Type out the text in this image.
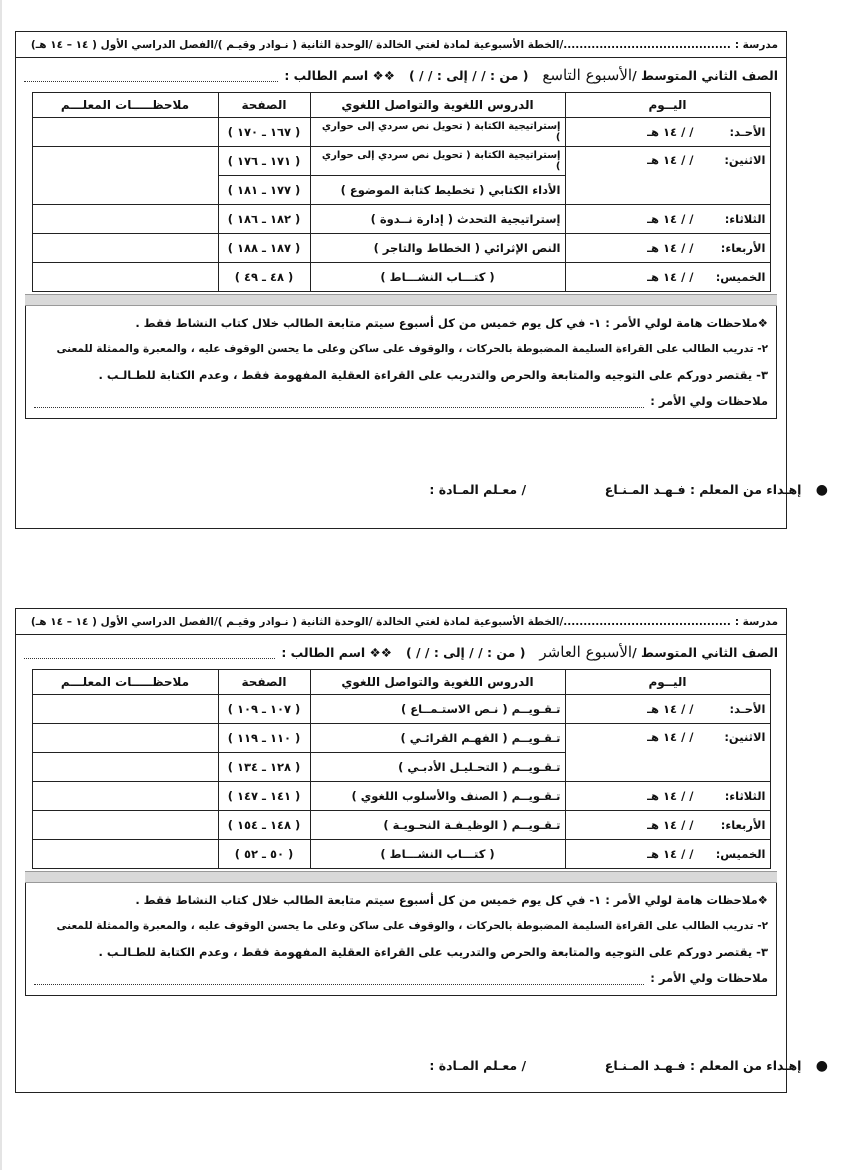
مدرسة :
..........................................
/الخطة الأسبوعية لمادة لغتي الخالدة /الوحدة الثانية ( نـوادر وقيـم )/الفصل الدراسي الأول ( ١٤ – ١٤ هـ)
الصف الثاني المتوسط /
الأسبوع التاسع
( من : / / إلى : / / )
❖❖ اسم الطالب :
اليــوم	الدروس اللغوية والتواصل اللغوي	الصفحة	ملاحظـــــات المعلـــم
الأحـد:/ / ١٤ هـ	إستراتيجية الكتابة ( تحويل نص سردي إلى حواري )	( ١٦٧ ـ ١٧٠ )	
الاثنين:/ / ١٤ هـ	إستراتيجية الكتابة ( تحويل نص سردي إلى حواري )	( ١٧١ ـ ١٧٦ )	
	الأداء الكتابي ( تخطيط كتابة الموضوع )	( ١٧٧ ـ ١٨١ )	
الثلاثاء:/ / ١٤ هـ	إستراتيجية التحدث ( إدارة نــدوة )	( ١٨٢ ـ ١٨٦ )	
الأربعاء:/ / ١٤ هـ	النص الإثرائي ( الخطاط والتاجر )	( ١٨٧ ـ ١٨٨ )	
الخميس:/ / ١٤ هـ	( كتـــاب النشـــاط )	( ٤٨ ـ ٤٩ )	
❖ملاحظات هامة لولي الأمر : ١- في كل يوم خميس من كل أسبوع سيتم متابعة الطالب خلال كتاب النشاط فقط .
٢- تدريب الطالب على القراءة السليمة المضبوطة بالحركات ، والوقوف على ساكن وعلى ما يحسن الوقوف عليه ، والمعبرة والممثلة للمعنى
٣- يقتصر دوركم على التوجيه والمتابعة والحرص والتدريب على القراءة العقلية المفهومة فقط ، وعدم الكتابة للطـالـب .
ملاحظات ولي الأمر :
● إهـداء من المعلم : فـهـد المـنـاع  / معـلم المـادة :
مدرسة :
..........................................
/الخطة الأسبوعية لمادة لغتي الخالدة /الوحدة الثانية ( نـوادر وقيـم )/الفصل الدراسي الأول ( ١٤ – ١٤ هـ)
الصف الثاني المتوسط /
الأسبوع العاشر
( من : / / إلى : / / )
❖❖ اسم الطالب :
اليــوم	الدروس اللغوية والتواصل اللغوي	الصفحة	ملاحظـــــات المعلـــم
الأحـد:/ / ١٤ هـ	تـقـويــم ( نـص الاستـمــاع )	( ١٠٧ ـ ١٠٩ )	
الاثنين:/ / ١٤ هـ	تـقـويــم ( الفهـم القرائـي )	( ١١٠ ـ ١١٩ )	
	تـقـويــم ( التحـليـل الأدبـي )	( ١٢٨ ـ ١٣٤ )	
الثلاثاء:/ / ١٤ هـ	تـقـويــم ( الصنف والأسلوب اللغوي )	( ١٤١ ـ ١٤٧ )	
الأربعاء:/ / ١٤ هـ	تـقـويــم ( الوظيـفـة النحـويـة )	( ١٤٨ ـ ١٥٤ )	
الخميس:/ / ١٤ هـ	( كتـــاب النشـــاط )	( ٥٠ ـ ٥٢ )	
❖ملاحظات هامة لولي الأمر : ١- في كل يوم خميس من كل أسبوع سيتم متابعة الطالب خلال كتاب النشاط فقط .
٢- تدريب الطالب على القراءة السليمة المضبوطة بالحركات ، والوقوف على ساكن وعلى ما يحسن الوقوف عليه ، والمعبرة والممثلة للمعنى
٣- يقتصر دوركم على التوجيه والمتابعة والحرص والتدريب على القراءة العقلية المفهومة فقط ، وعدم الكتابة للطـالـب .
ملاحظات ولي الأمر :
● إهـداء من المعلم : فـهـد المـنـاع  / معـلم المـادة :
